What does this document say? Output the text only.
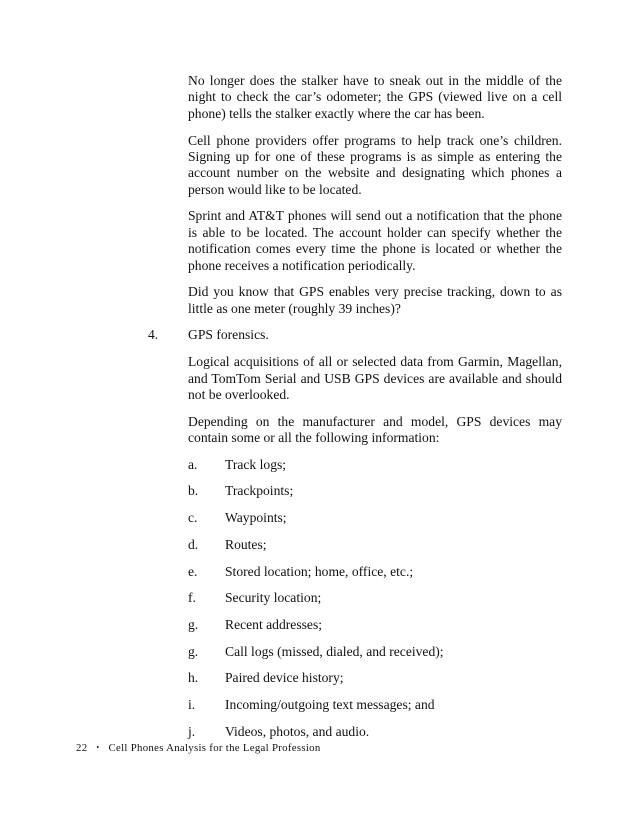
No longer does the stalker have to sneak out in the middle of the night to check the car’s odometer; the GPS (viewed live on a cell phone) tells the stalker exactly where the car has been.

Cell phone providers offer programs to help track one’s children. Signing up for one of these programs is as simple as entering the account number on the website and designating which phones a person would like to be located.

Sprint and AT&T phones will send out a notification that the phone is able to be located. The account holder can specify whether the notification comes every time the phone is located or whether the phone receives a notification periodically.

Did you know that GPS enables very precise tracking, down to as little as one meter (roughly 39 inches)?

4. GPS forensics.

Logical acquisitions of all or selected data from Garmin, Magellan, and TomTom Serial and USB GPS devices are available and should not be overlooked.

Depending on the manufacturer and model, GPS devices may contain some or all the following information:

a.	Track logs;
b.	Trackpoints;
c.	Waypoints;
d.	Routes;
e.	Stored location; home, office, etc.;
f.	Security location;
g.	Recent addresses;
g.	Call logs (missed, dialed, and received);
h.	Paired device history;
i.	Incoming/outgoing text messages; and
j.	Videos, photos, and audio.
22 • Cell Phones Analysis for the Legal Profession
